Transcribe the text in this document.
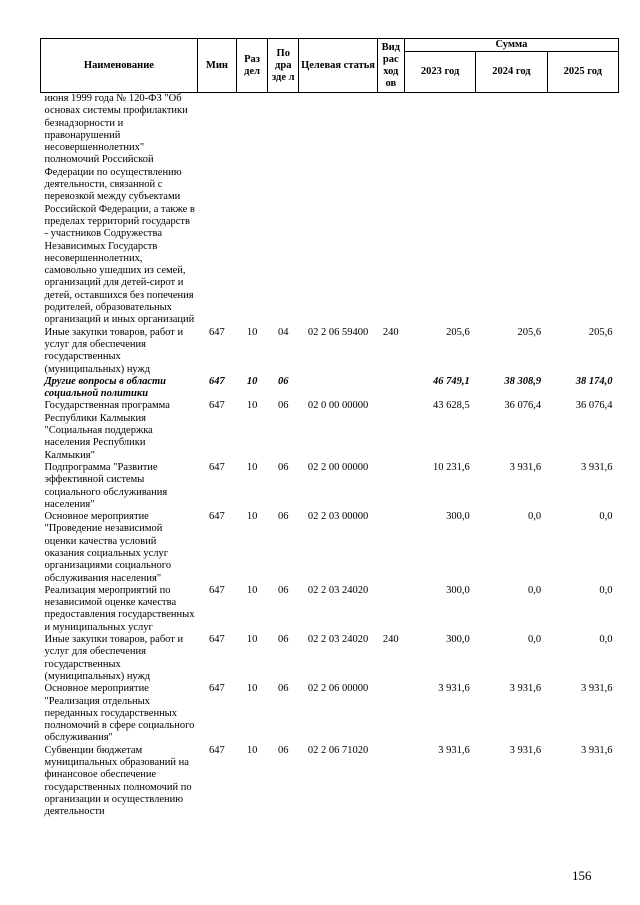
Наименование	Мин	Раз дел	По дра зде л	Целевая статья	Вид рас ход ов	Сумма		
						2023 год	2024 год	2025 год
июня 1999 года № 120-ФЗ "Об основах системы профилактики безнадзорности и правонарушений несовершеннолетних" полномочий Российской Федерации по осуществлению деятельности, связанной с перевозкой между субъектами Российской Федерации, а также в пределах территорий государств - участников Содружества Независимых Государств несовершеннолетних, самовольно ушедших из семей, организаций для детей-сирот и детей, оставшихся без попечения родителей, образовательных организаций и иных организаций								
Иные закупки товаров, работ и услуг для обеспечения государственных (муниципальных) нужд	647	10	04	02 2 06 59400	240	205,6	205,6	205,6
Другие вопросы в области социальной политики	647	10	06			46 749,1	38 308,9	38 174,0
Государственная программа Республики Калмыкия "Социальная поддержка населения Республики Калмыкия"	647	10	06	02 0 00 00000		43 628,5	36 076,4	36 076,4
Подпрограмма "Развитие эффективной системы социального обслуживания населения"	647	10	06	02 2 00 00000		10 231,6	3 931,6	3 931,6
Основное мероприятие "Проведение независимой оценки качества условий оказания социальных услуг организациями социального обслуживания населения"	647	10	06	02 2 03 00000		300,0	0,0	0,0
Реализация мероприятий по независимой оценке качества предоставления государственных и муниципальных услуг	647	10	06	02 2 03 24020		300,0	0,0	0,0
Иные закупки товаров, работ и услуг для обеспечения государственных (муниципальных) нужд	647	10	06	02 2 03 24020	240	300,0	0,0	0,0
Основное мероприятие "Реализация отдельных переданных государственных полномочий в сфере социального обслуживания"	647	10	06	02 2 06 00000		3 931,6	3 931,6	3 931,6
Субвенции бюджетам муниципальных образований на финансовое обеспечение государственных полномочий по организации и осуществлению деятельности	647	10	06	02 2 06 71020		3 931,6	3 931,6	3 931,6
156
